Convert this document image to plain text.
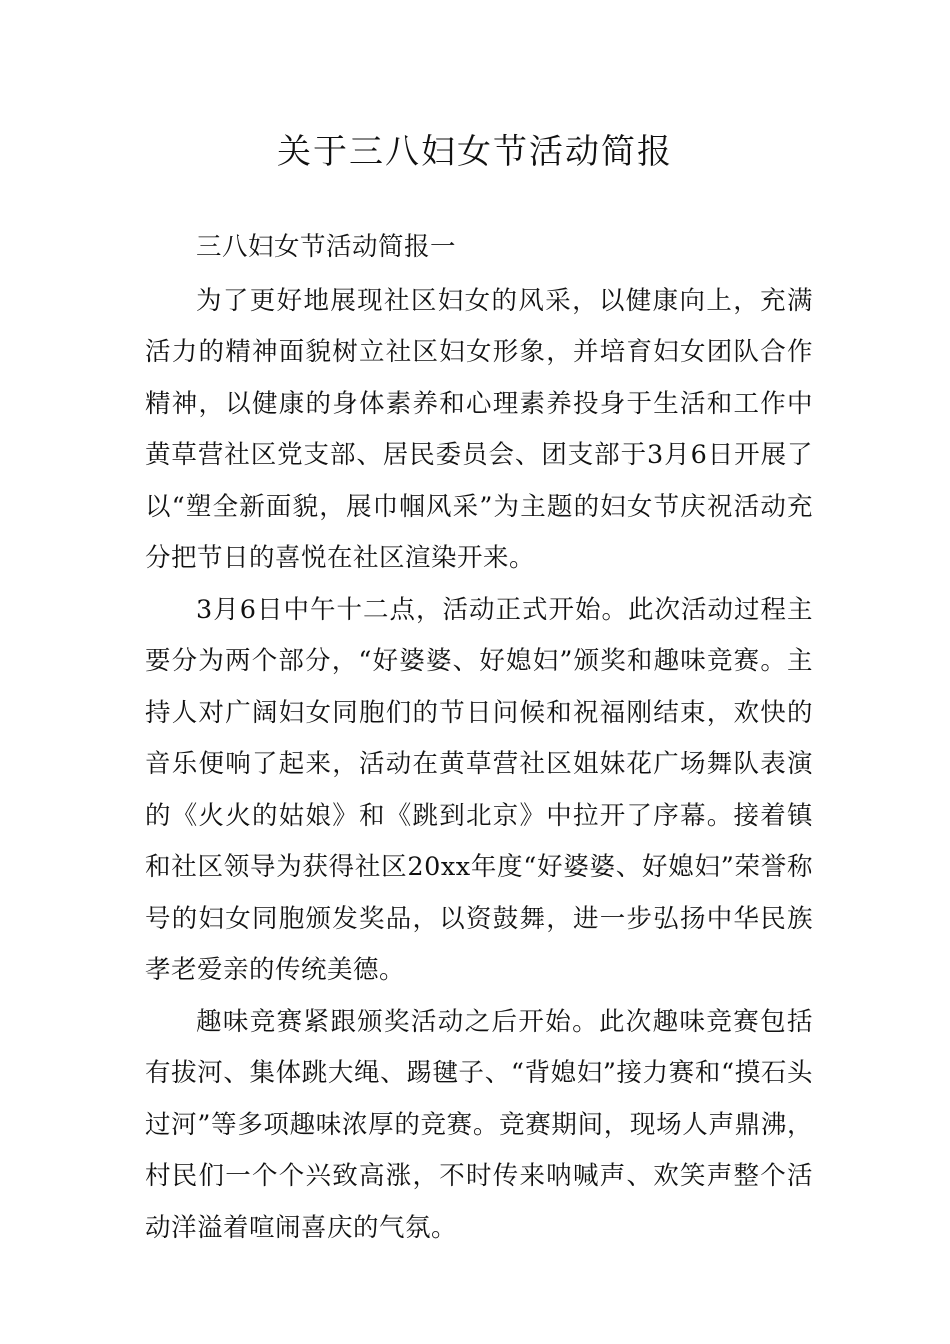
关于三八妇女节活动简报

三八妇女节活动简报一

为了更好地展现社区妇女的风采，以健康向上，充满活力的精神面貌树立社区妇女形象，并培育妇女团队合作精神，以健康的身体素养和心理素养投身于生活和工作中黄草营社区党支部、居民委员会、团支部于3月6日开展了以“塑全新面貌，展巾帼风采”为主题的妇女节庆祝活动充分把节日的喜悦在社区渲染开来。

3月6日中午十二点，活动正式开始。此次活动过程主要分为两个部分，“好婆婆、好媳妇”颁奖和趣味竞赛。主持人对广阔妇女同胞们的节日问候和祝福刚结束，欢快的音乐便响了起来，活动在黄草营社区姐妹花广场舞队表演的《火火的姑娘》和《跳到北京》中拉开了序幕。接着镇和社区领导为获得社区20xx年度“好婆婆、好媳妇”荣誉称号的妇女同胞颁发奖品，以资鼓舞，进一步弘扬中华民族孝老爱亲的传统美德。

趣味竞赛紧跟颁奖活动之后开始。此次趣味竞赛包括有拔河、集体跳大绳、踢毽子、“背媳妇”接力赛和“摸石头过河”等多项趣味浓厚的竞赛。竞赛期间，现场人声鼎沸，村民们一个个兴致高涨，不时传来呐喊声、欢笑声整个活动洋溢着喧闹喜庆的气氛。
